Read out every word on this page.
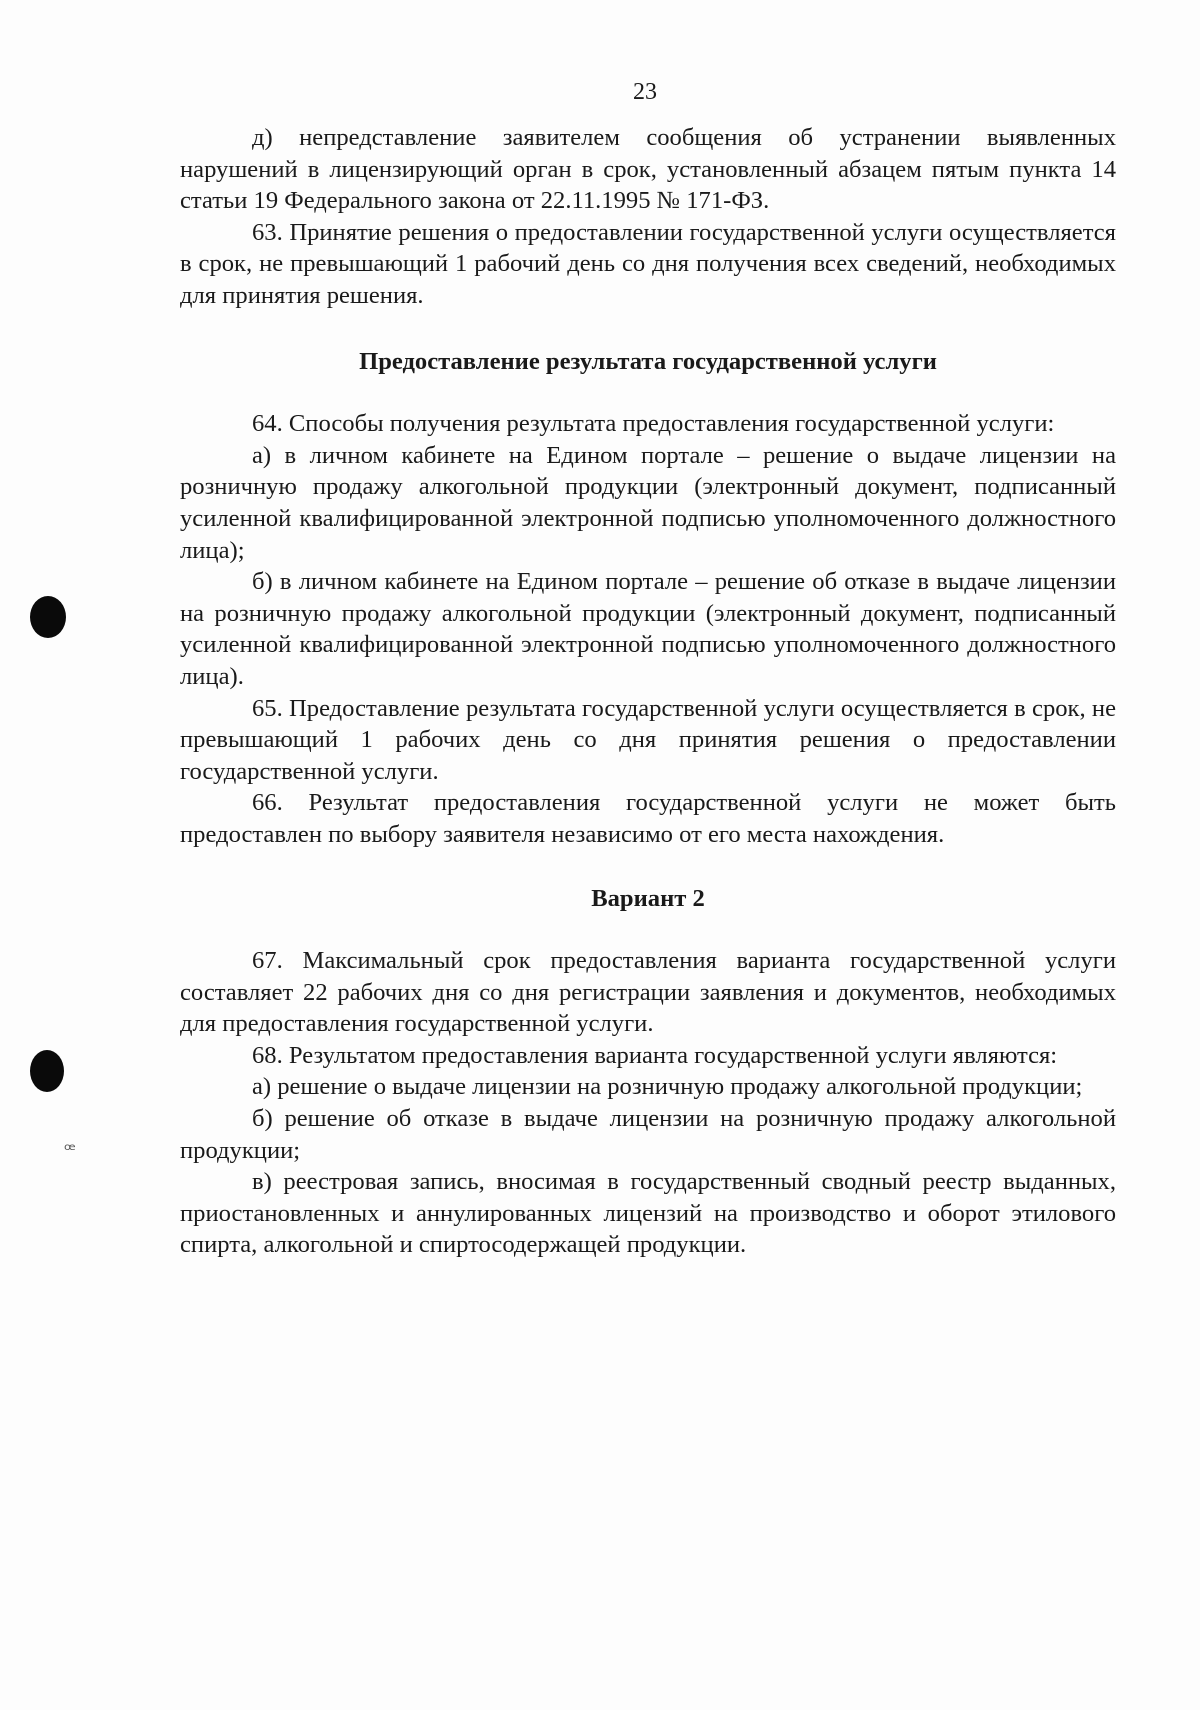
ꟹ
23

д) непредставление заявителем сообщения об устранении выявленных нарушений в лицензирующий орган в срок, установленный абзацем пятым пункта 14 статьи 19 Федерального закона от 22.11.1995 № 171-ФЗ.

63. Принятие решения о предоставлении государственной услуги осуществляется в срок, не превышающий 1 рабочий день со дня получения всех сведений, необходимых для принятия решения.

Предоставление результата государственной услуги

64. Способы получения результата предоставления государственной услуги:

а) в личном кабинете на Едином портале – решение о выдаче лицензии на розничную продажу алкогольной продукции (электронный документ, подписанный усиленной квалифицированной электронной подписью уполномоченного должностного лица);

б) в личном кабинете на Едином портале – решение об отказе в выдаче лицензии на розничную продажу алкогольной продукции (электронный документ, подписанный усиленной квалифицированной электронной подписью уполномоченного должностного лица).

65. Предоставление результата государственной услуги осуществляется в срок, не превышающий 1 рабочих день со дня принятия решения о предоставлении государственной услуги.

66. Результат предоставления государственной услуги не может быть предоставлен по выбору заявителя независимо от его места нахождения.

Вариант 2

67. Максимальный срок предоставления варианта государственной услуги составляет 22 рабочих дня со дня регистрации заявления и документов, необходимых для предоставления государственной услуги.

68. Результатом предоставления варианта государственной услуги являются:

а) решение о выдаче лицензии на розничную продажу алкогольной продукции;

б) решение об отказе в выдаче лицензии на розничную продажу алкогольной продукции;

в) реестровая запись, вносимая в государственный сводный реестр выданных, приостановленных и аннулированных лицензий на производство и оборот этилового спирта, алкогольной и спиртосодержащей продукции.
